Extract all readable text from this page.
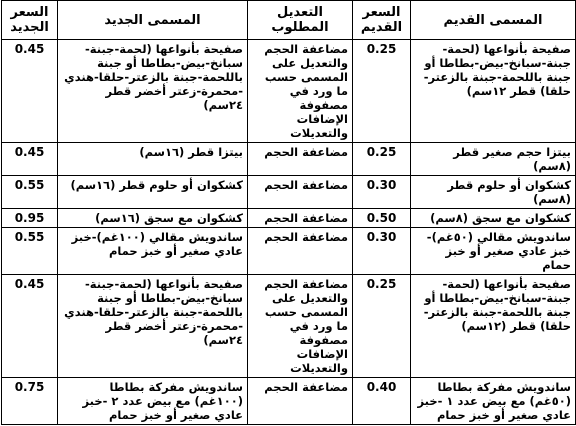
المسمى القديم	السعر القديم	التعديل المطلوب	المسمى الجديد	السعر الجديد
صفيحة بأنواعها (لحمة-جبنة-سبانخ-بيض-بطاطا أو جبنة باللحمة-جبنة بالزعتر-حلقا) قطر ١٢سم)	0.25	مضاعفة الحجم والتعديل على المسمى حسب ما ورد في مصفوفة الإضافات والتعديلات	صفيحة بأنواعها (لحمة-جبنة-سبانخ-بيض-بطاطا أو جبنة باللحمة-جبنة بالزعتر-حلقا-هندي -محمرة-زعتر أخضر قطر ٢٤سم)	0.45
بيتزا حجم صغير قطر (٨سم)	0.25	مضاعفة الحجم	بيتزا قطر (١٦سم)	0.45
كشكوان أو حلوم قطر (٨سم)	0.30	مضاعفة الحجم	كشكوان أو حلوم قطر (١٦سم)	0.55
كشكوان مع سجق (٨سم)	0.50	مضاعفة الحجم	كشكوان مع سجق (١٦سم)	0.95
ساندويش مقالي (٥٠غم)-خبز عادي صغير أو خبز حمام	0.30	مضاعفة الحجم	ساندويش مقالي (١٠٠غم)-خبز عادي صغير أو خبز حمام	0.55
صفيحة بأنواعها (لحمة-جبنة-سبانخ-بيض-بطاطا أو جبنة باللحمة-جبنة بالزعتر-حلقا) قطر (١٢سم)	0.25	مضاعفة الحجم والتعديل على المسمى حسب ما ورد في مصفوفة الإضافات والتعديلات	صفيحة بأنواعها (لحمة-جبنة-سبانخ-بيض-بطاطا أو جبنة باللحمة-جبنة بالزعتر-حلقا-هندي -محمرة-زعتر أخضر قطر ٢٤سم)	0.45
ساندويش مفركة بطاطا (٥٠غم) مع بيض عدد ١ -خبز عادي صغير أو خبز حمام	0.40	مضاعفة الحجم	ساندويش مفركة بطاطا (١٠٠غم) مع بيض عدد ٢ -خبز عادي صغير أو خبز حمام	0.75
